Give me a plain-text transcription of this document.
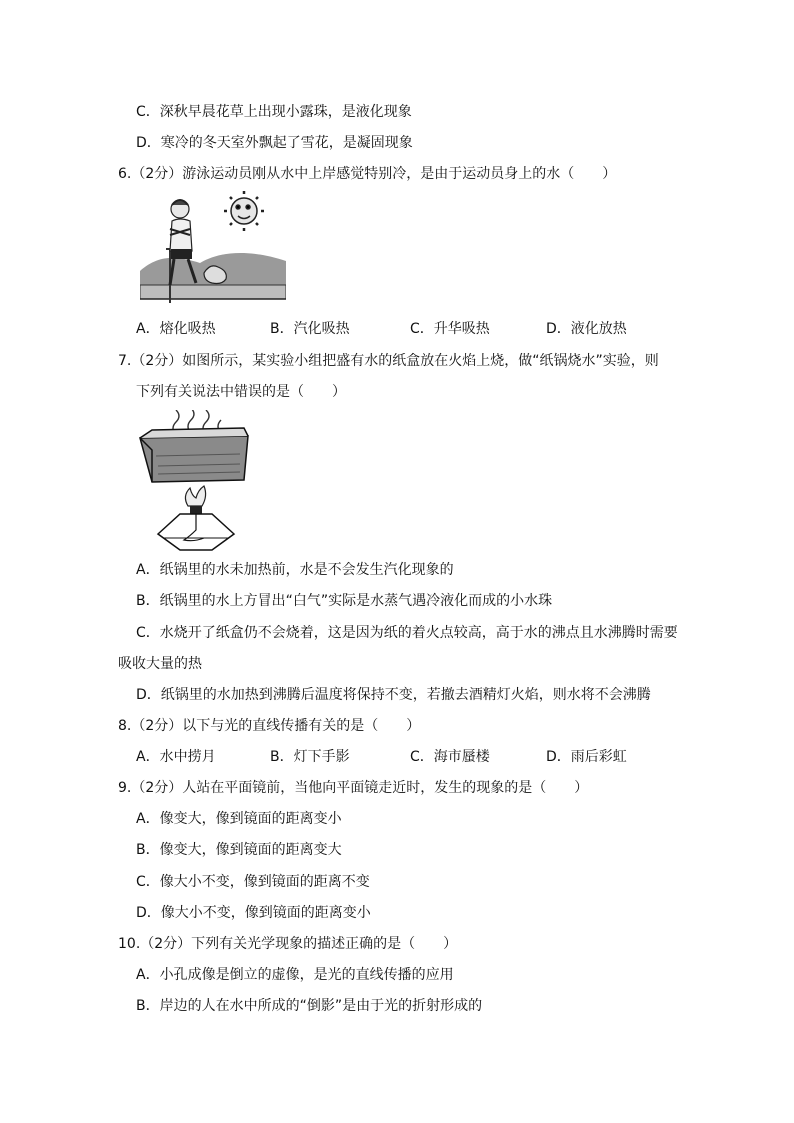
C．深秋早晨花草上出现小露珠，是液化现象
D．寒冷的冬天室外飘起了雪花，是凝固现象
6.（2分）游泳运动员刚从水中上岸感觉特别冷，是由于运动员身上的水（　　）
A．熔化吸热	B．汽化吸热	C．升华吸热	D．液化放热
7.（2分）如图所示，某实验小组把盛有水的纸盒放在火焰上烧，做“纸锅烧水”实验，则
下列有关说法中错误的是（　　）
A．纸锅里的水未加热前，水是不会发生汽化现象的
B．纸锅里的水上方冒出“白气”实际是水蒸气遇冷液化而成的小水珠
C．水烧开了纸盒仍不会烧着，这是因为纸的着火点较高，高于水的沸点且水沸腾时需要
吸收大量的热
D．纸锅里的水加热到沸腾后温度将保持不变，若撤去酒精灯火焰，则水将不会沸腾
8.（2分）以下与光的直线传播有关的是（　　）
A．水中捞月	B．灯下手影	C．海市蜃楼	D．雨后彩虹
9.（2分）人站在平面镜前，当他向平面镜走近时，发生的现象的是（　　）
A．像变大，像到镜面的距离变小
B．像变大，像到镜面的距离变大
C．像大小不变，像到镜面的距离不变
D．像大小不变，像到镜面的距离变小
10.（2分）下列有关光学现象的描述正确的是（　　）
A．小孔成像是倒立的虚像，是光的直线传播的应用
B．岸边的人在水中所成的“倒影”是由于光的折射形成的
